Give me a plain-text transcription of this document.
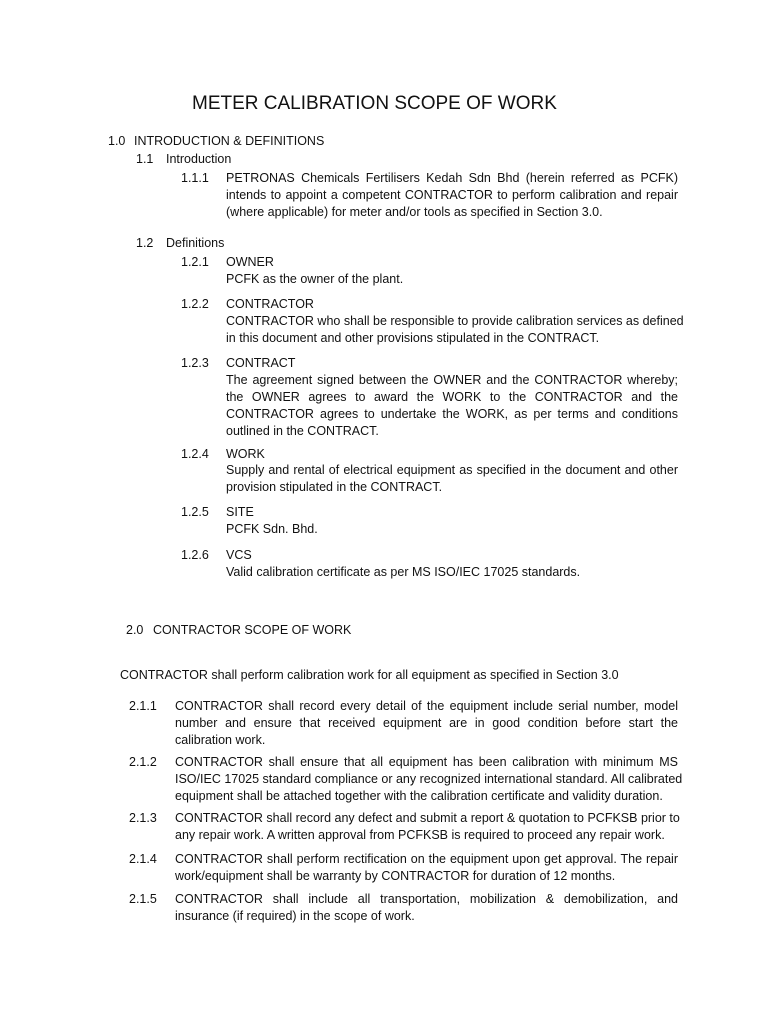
METER CALIBRATION SCOPE OF WORK
1.0 INTRODUCTION & DEFINITIONS
1.1 Introduction
1.1.1 PETRONAS Chemicals Fertilisers Kedah Sdn Bhd (herein referred as PCFK)
intends to appoint a competent CONTRACTOR to perform calibration and repair
(where applicable) for meter and/or tools as specified in Section 3.0.
1.2 Definitions
1.2.1 OWNER
PCFK as the owner of the plant.
1.2.2 CONTRACTOR
CONTRACTOR who shall be responsible to provide calibration services as defined
in this document and other provisions stipulated in the CONTRACT.
1.2.3 CONTRACT
The agreement signed between the OWNER and the CONTRACTOR whereby;
the OWNER agrees to award the WORK to the CONTRACTOR and the
CONTRACTOR agrees to undertake the WORK, as per terms and conditions
outlined in the CONTRACT.
1.2.4 WORK
Supply and rental of electrical equipment as specified in the document and other
provision stipulated in the CONTRACT.
1.2.5 SITE
PCFK Sdn. Bhd.
1.2.6 VCS
Valid calibration certificate as per MS ISO/IEC 17025 standards.
2.0 CONTRACTOR SCOPE OF WORK
CONTRACTOR shall perform calibration work for all equipment as specified in Section 3.0
2.1.1 CONTRACTOR shall record every detail of the equipment include serial number, model
number and ensure that received equipment are in good condition before start the
calibration work.
2.1.2 CONTRACTOR shall ensure that all equipment has been calibration with minimum MS
ISO/IEC 17025 standard compliance or any recognized international standard. All calibrated
equipment shall be attached together with the calibration certificate and validity duration.
2.1.3 CONTRACTOR shall record any defect and submit a report & quotation to PCFKSB prior to
any repair work. A written approval from PCFKSB is required to proceed any repair work.
2.1.4 CONTRACTOR shall perform rectification on the equipment upon get approval. The repair
work/equipment shall be warranty by CONTRACTOR for duration of 12 months.
2.1.5 CONTRACTOR shall include all transportation, mobilization & demobilization, and
insurance (if required) in the scope of work.
